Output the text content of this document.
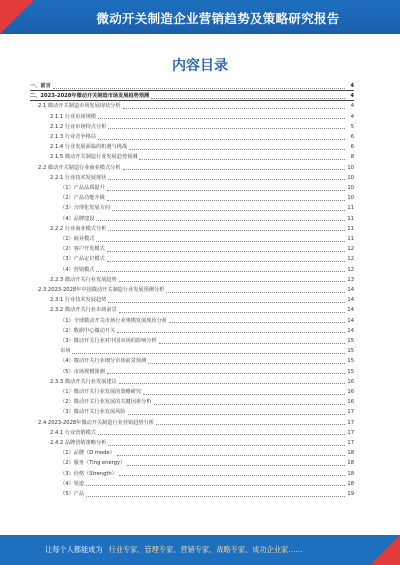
微动开关制造企业营销趋势及策略研究报告
内容目录
一、前言	4
二、2023-2028年微动开关制造市场发展趋势预测	4
2.1 微动开关制造市场发展现状分析	4
2.1.1 行业市场规模	4
2.1.2 行业市场特点分析	5
2.1.3 行业竞争格局	6
2.1.4 行业发展面临的机遇与挑战	6
2.1.5 微动开关制造行业发展趋势预测	8
2.2 微动开关制造行业商业模式分析	10
2.2.1 行业技术发展现状	10
（1）产品品质提升	10
（2）产品功能升级	10
（3）合理化发展方向	11
（4）品牌建设	11
2.2.2 行业商业模式分析	11
（1）商业模式	11
（2）客户开发模式	12
（3）产品定位模式	12
（4）营销模式	12
2.2.3 微动开关行业发展趋势	13
2.3 2023-2028年中国微动开关制造行业发展预测分析	14
2.3.1 行业技术发展趋势	14
2.3.2 微动开关行业市场前景	14
（1）全球微动开关市场行业规模发展现状分析	14
（2）数据中心微动开关	14
（3）微动开关行业对中国市场的影响分析	15
市场	15
（4）微动开关行业细分市场前景预测	15
（5）市场规模预测	15
2.3.3 微动开关行业发展建议	16
（1）微动开关行业发展的策略研究	16
（2）微动开关行业发展的关键因素分析	16
（3）微动开关行业发展风险	17
2.4 2023-2028年微动开关制造行业营销趋势分析	17
2.4.1 行业营销模式	17
2.4.2 品牌营销策略分析	17
（1）品牌（D mode）	18
（2）服务（Ting energy）	18
（3）价格（Strength）	18
（4）渠道	18
（5）产品	19
让每个人都能成为 行业专家、管理专家、营销专家、战略专家、成功企业家……
